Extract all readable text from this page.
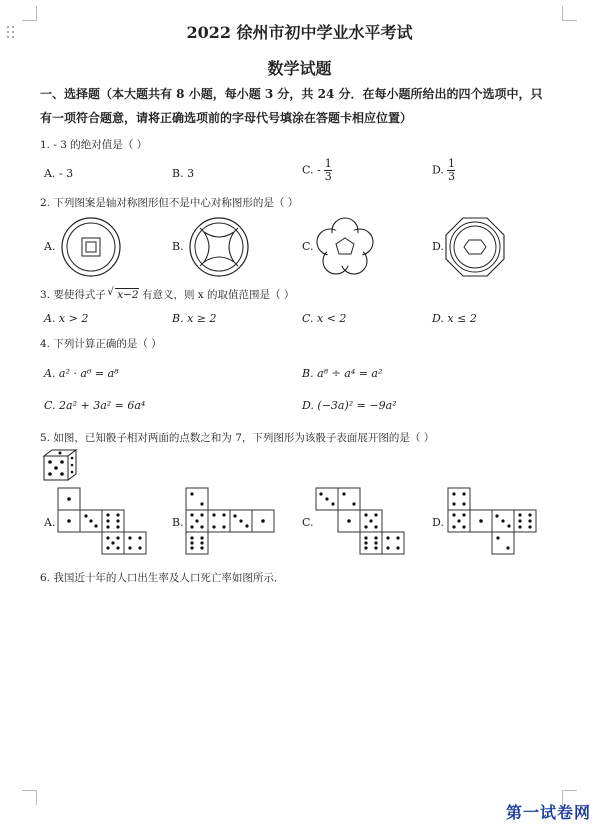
2022 徐州市初中学业水平考试
数学试题
一、选择题（本大题共有 8 小题，每小题 3 分，共 24 分．在每小题所给出的四个选项中，只
有一项符合题意，请将正确选项前的字母代号填涂在答题卡相应位置）
1. - 3 的绝对值是（ ）
A. - 3	B. 3	C. - $\frac{1}{3}$	D. $\frac{1}{3}$
2. 下列图案是轴对称图形但不是中心对称图形的是（ ）
A.	B.	C.	D.
3. 要使得式子 √ x−2 有意义，则 x 的取值范围是（ ）
A. x > 2	B. x ≥ 2	C. x < 2	D. x ≤ 2
4. 下列计算正确的是（ ）
A. a² · a⁶ = a⁸	B. a⁸ ÷ a⁴ = a²
C. 2a² + 3a² = 6a⁴	D. (−3a)² = −9a²
5. 如图，已知骰子相对两面的点数之和为 7，下列图形为该骰子表面展开图的是（ ）
A.	B.	C.	D.
6. 我国近十年的人口出生率及人口死亡率如图所示．
第一试卷网
